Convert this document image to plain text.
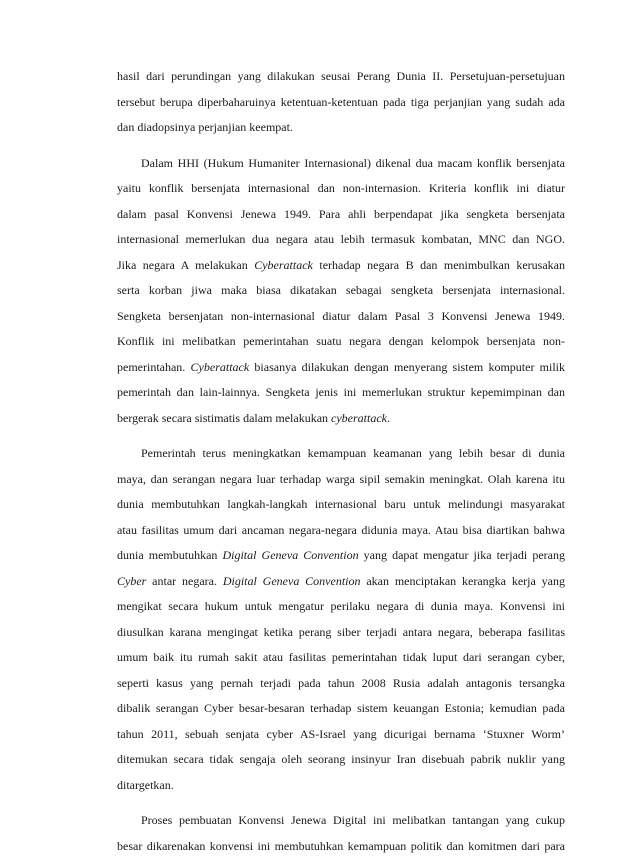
hasil dari perundingan yang dilakukan seusai Perang Dunia II. Persetujuan-persetujuan
tersebut berupa diperbaharuinya ketentuan-ketentuan pada tiga perjanjian yang sudah ada
dan diadopsinya perjanjian keempat.
Dalam HHI (Hukum Humaniter Internasional) dikenal dua macam konflik bersenjata
yaitu konflik bersenjata internasional dan non-internasion. Kriteria konflik ini diatur
dalam pasal Konvensi Jenewa 1949. Para ahli berpendapat jika sengketa bersenjata
internasional memerlukan dua negara atau lebih termasuk kombatan, MNC dan NGO.
Jika negara A melakukan Cyberattack terhadap negara B dan menimbulkan kerusakan
serta korban jiwa maka biasa dikatakan sebagai sengketa bersenjata internasional.
Sengketa bersenjatan non-internasional diatur dalam Pasal 3 Konvensi Jenewa 1949.
Konflik ini melibatkan pemerintahan suatu negara dengan kelompok bersenjata non-
pemerintahan. Cyberattack biasanya dilakukan dengan menyerang sistem komputer milik
pemerintah dan lain-lainnya. Sengketa jenis ini memerlukan struktur kepemimpinan dan
bergerak secara sistimatis dalam melakukan cyberattack.
Pemerintah terus meningkatkan kemampuan keamanan yang lebih besar di dunia
maya, dan serangan negara luar terhadap warga sipil semakin meningkat. Olah karena itu
dunia membutuhkan langkah-langkah internasional baru untuk melindungi masyarakat
atau fasilitas umum dari ancaman negara-negara didunia maya. Atau bisa diartikan bahwa
dunia membutuhkan Digital Geneva Convention yang dapat mengatur jika terjadi perang
Cyber antar negara. Digital Geneva Convention akan menciptakan kerangka kerja yang
mengikat secara hukum untuk mengatur perilaku negara di dunia maya. Konvensi ini
diusulkan karana mengingat ketika perang siber terjadi antara negara, beberapa fasilitas
umum baik itu rumah sakit atau fasilitas pemerintahan tidak luput dari serangan cyber,
seperti kasus yang pernah terjadi pada tahun 2008 Rusia adalah antagonis tersangka
dibalik serangan Cyber besar-besaran terhadap sistem keuangan Estonia; kemudian pada
tahun 2011, sebuah senjata cyber AS-Israel yang dicurigai bernama ‘Stuxner Worm’
ditemukan secara tidak sengaja oleh seorang insinyur Iran disebuah pabrik nuklir yang
ditargetkan.
Proses pembuatan Konvensi Jenewa Digital ini melibatkan tantangan yang cukup
besar dikarenakan konvensi ini membutuhkan kemampuan politik dan komitmen dari para
